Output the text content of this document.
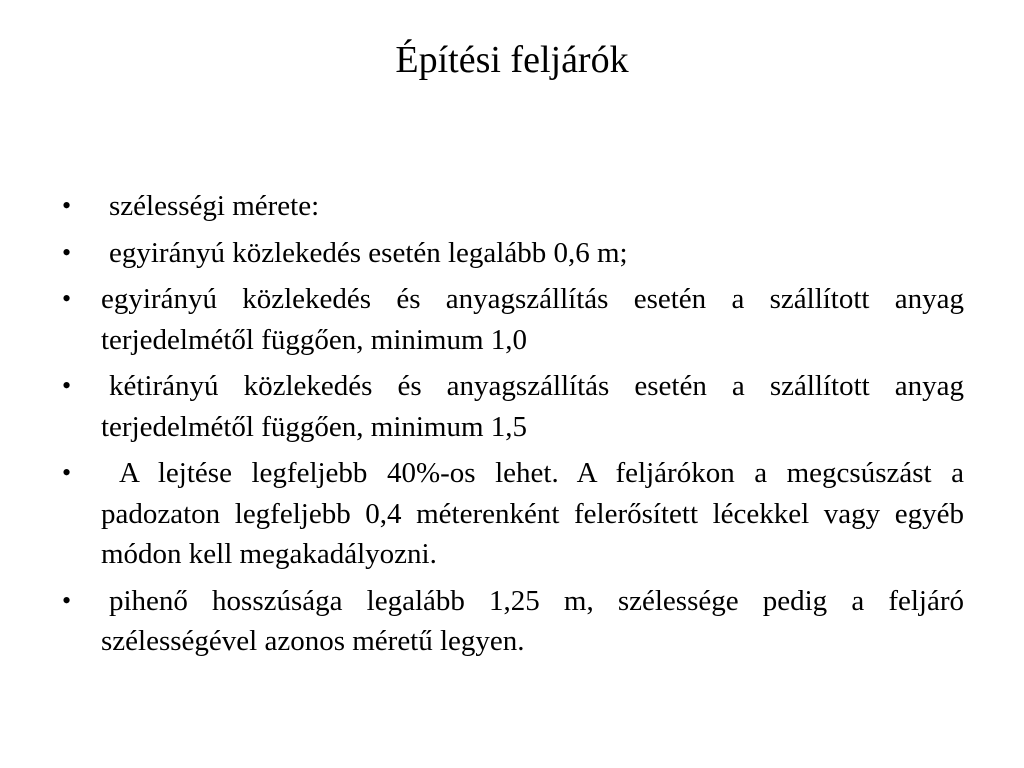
Építési feljárók
•	szélességi mérete:
•	egyirányú közlekedés esetén legalább 0,6 m;
•	egyirányú közlekedés és anyagszállítás esetén a szállított anyag terjedelmétől függően, minimum 1,0
•	kétirányú közlekedés és anyagszállítás esetén a szállított anyag terjedelmétől függően, minimum 1,5
•	A lejtése legfeljebb 40%-os lehet. A feljárókon a megcsúszást a padozaton legfeljebb 0,4 méterenként felerősített lécekkel vagy egyéb módon kell megakadályozni.
•	pihenő hosszúsága legalább 1,25 m, szélessége pedig a feljáró szélességével azonos méretű legyen.
